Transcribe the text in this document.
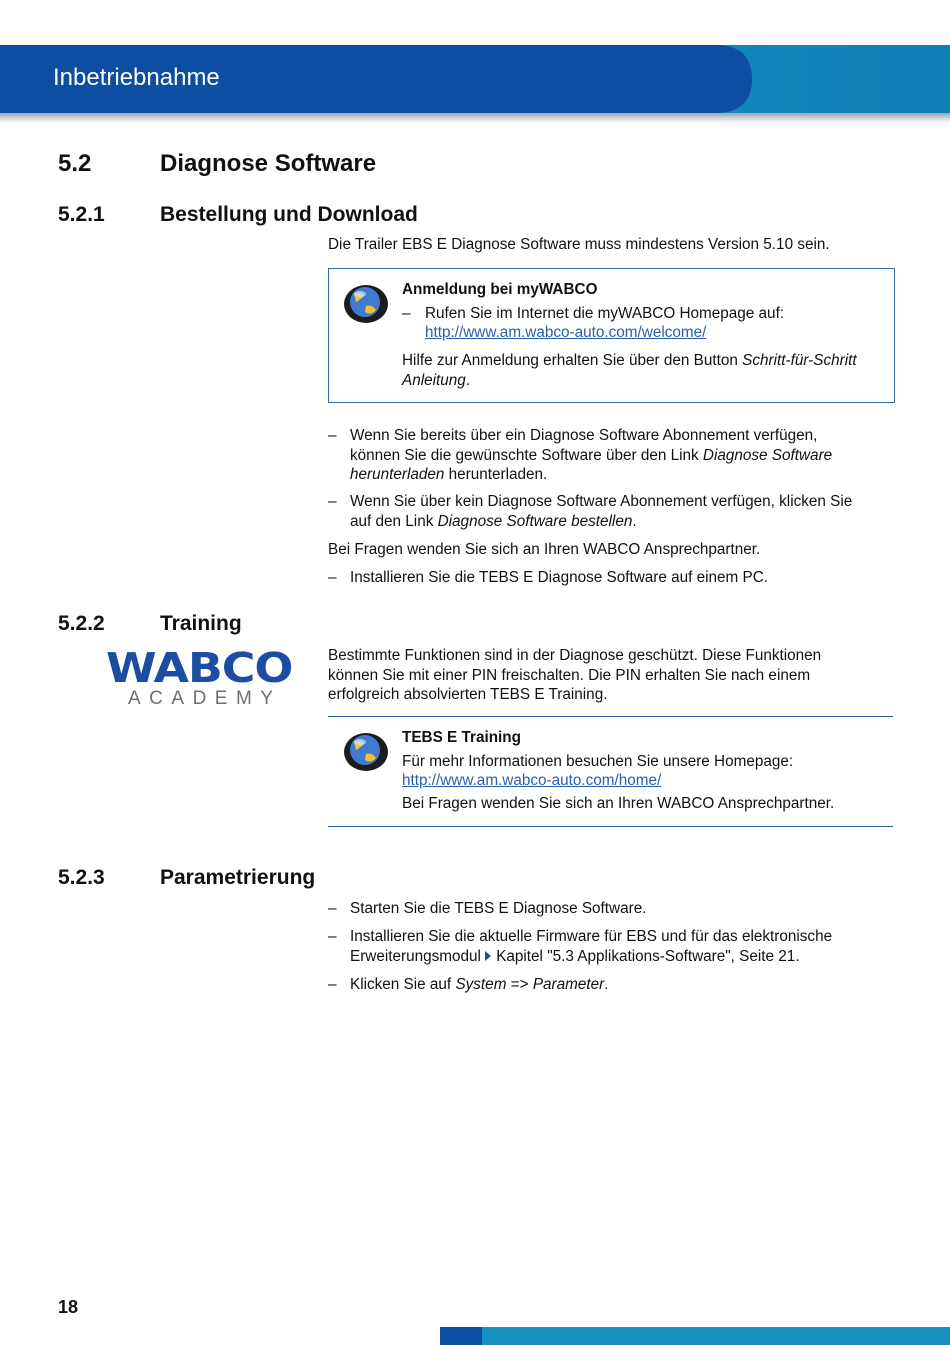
Inbetriebnahme
5.2	Diagnose Software
5.2.1	Bestellung und Download
Die Trailer EBS E Diagnose Software muss mindestens Version 5.10 sein.
Anmeldung bei myWABCO
– Rufen Sie im Internet die myWABCO Homepage auf:
http://www.am.wabco-auto.com/welcome/
Hilfe zur Anmeldung erhalten Sie über den Button Schritt-für-Schritt
Anleitung.
– Wenn Sie bereits über ein Diagnose Software Abonnement verfügen,
können Sie die gewünschte Software über den Link Diagnose Software
herunterladen herunterladen.
– Wenn Sie über kein Diagnose Software Abonnement verfügen, klicken Sie
auf den Link Diagnose Software bestellen.
Bei Fragen wenden Sie sich an Ihren WABCO Ansprechpartner.
– Installieren Sie die TEBS E Diagnose Software auf einem PC.
5.2.2	Training
WABCO
ACADEMY
Bestimmte Funktionen sind in der Diagnose geschützt. Diese Funktionen
können Sie mit einer PIN freischalten. Die PIN erhalten Sie nach einem
erfolgreich absolvierten TEBS E Training.
TEBS E Training
Für mehr Informationen besuchen Sie unsere Homepage:
http://www.am.wabco-auto.com/home/
Bei Fragen wenden Sie sich an Ihren WABCO Ansprechpartner.
5.2.3	Parametrierung
– Starten Sie die TEBS E Diagnose Software.
– Installieren Sie die aktuelle Firmware für EBS und für das elektronische
Erweiterungsmodul Kapitel "5.3 Applikations-Software", Seite 21.
– Klicken Sie auf System => Parameter.
18
